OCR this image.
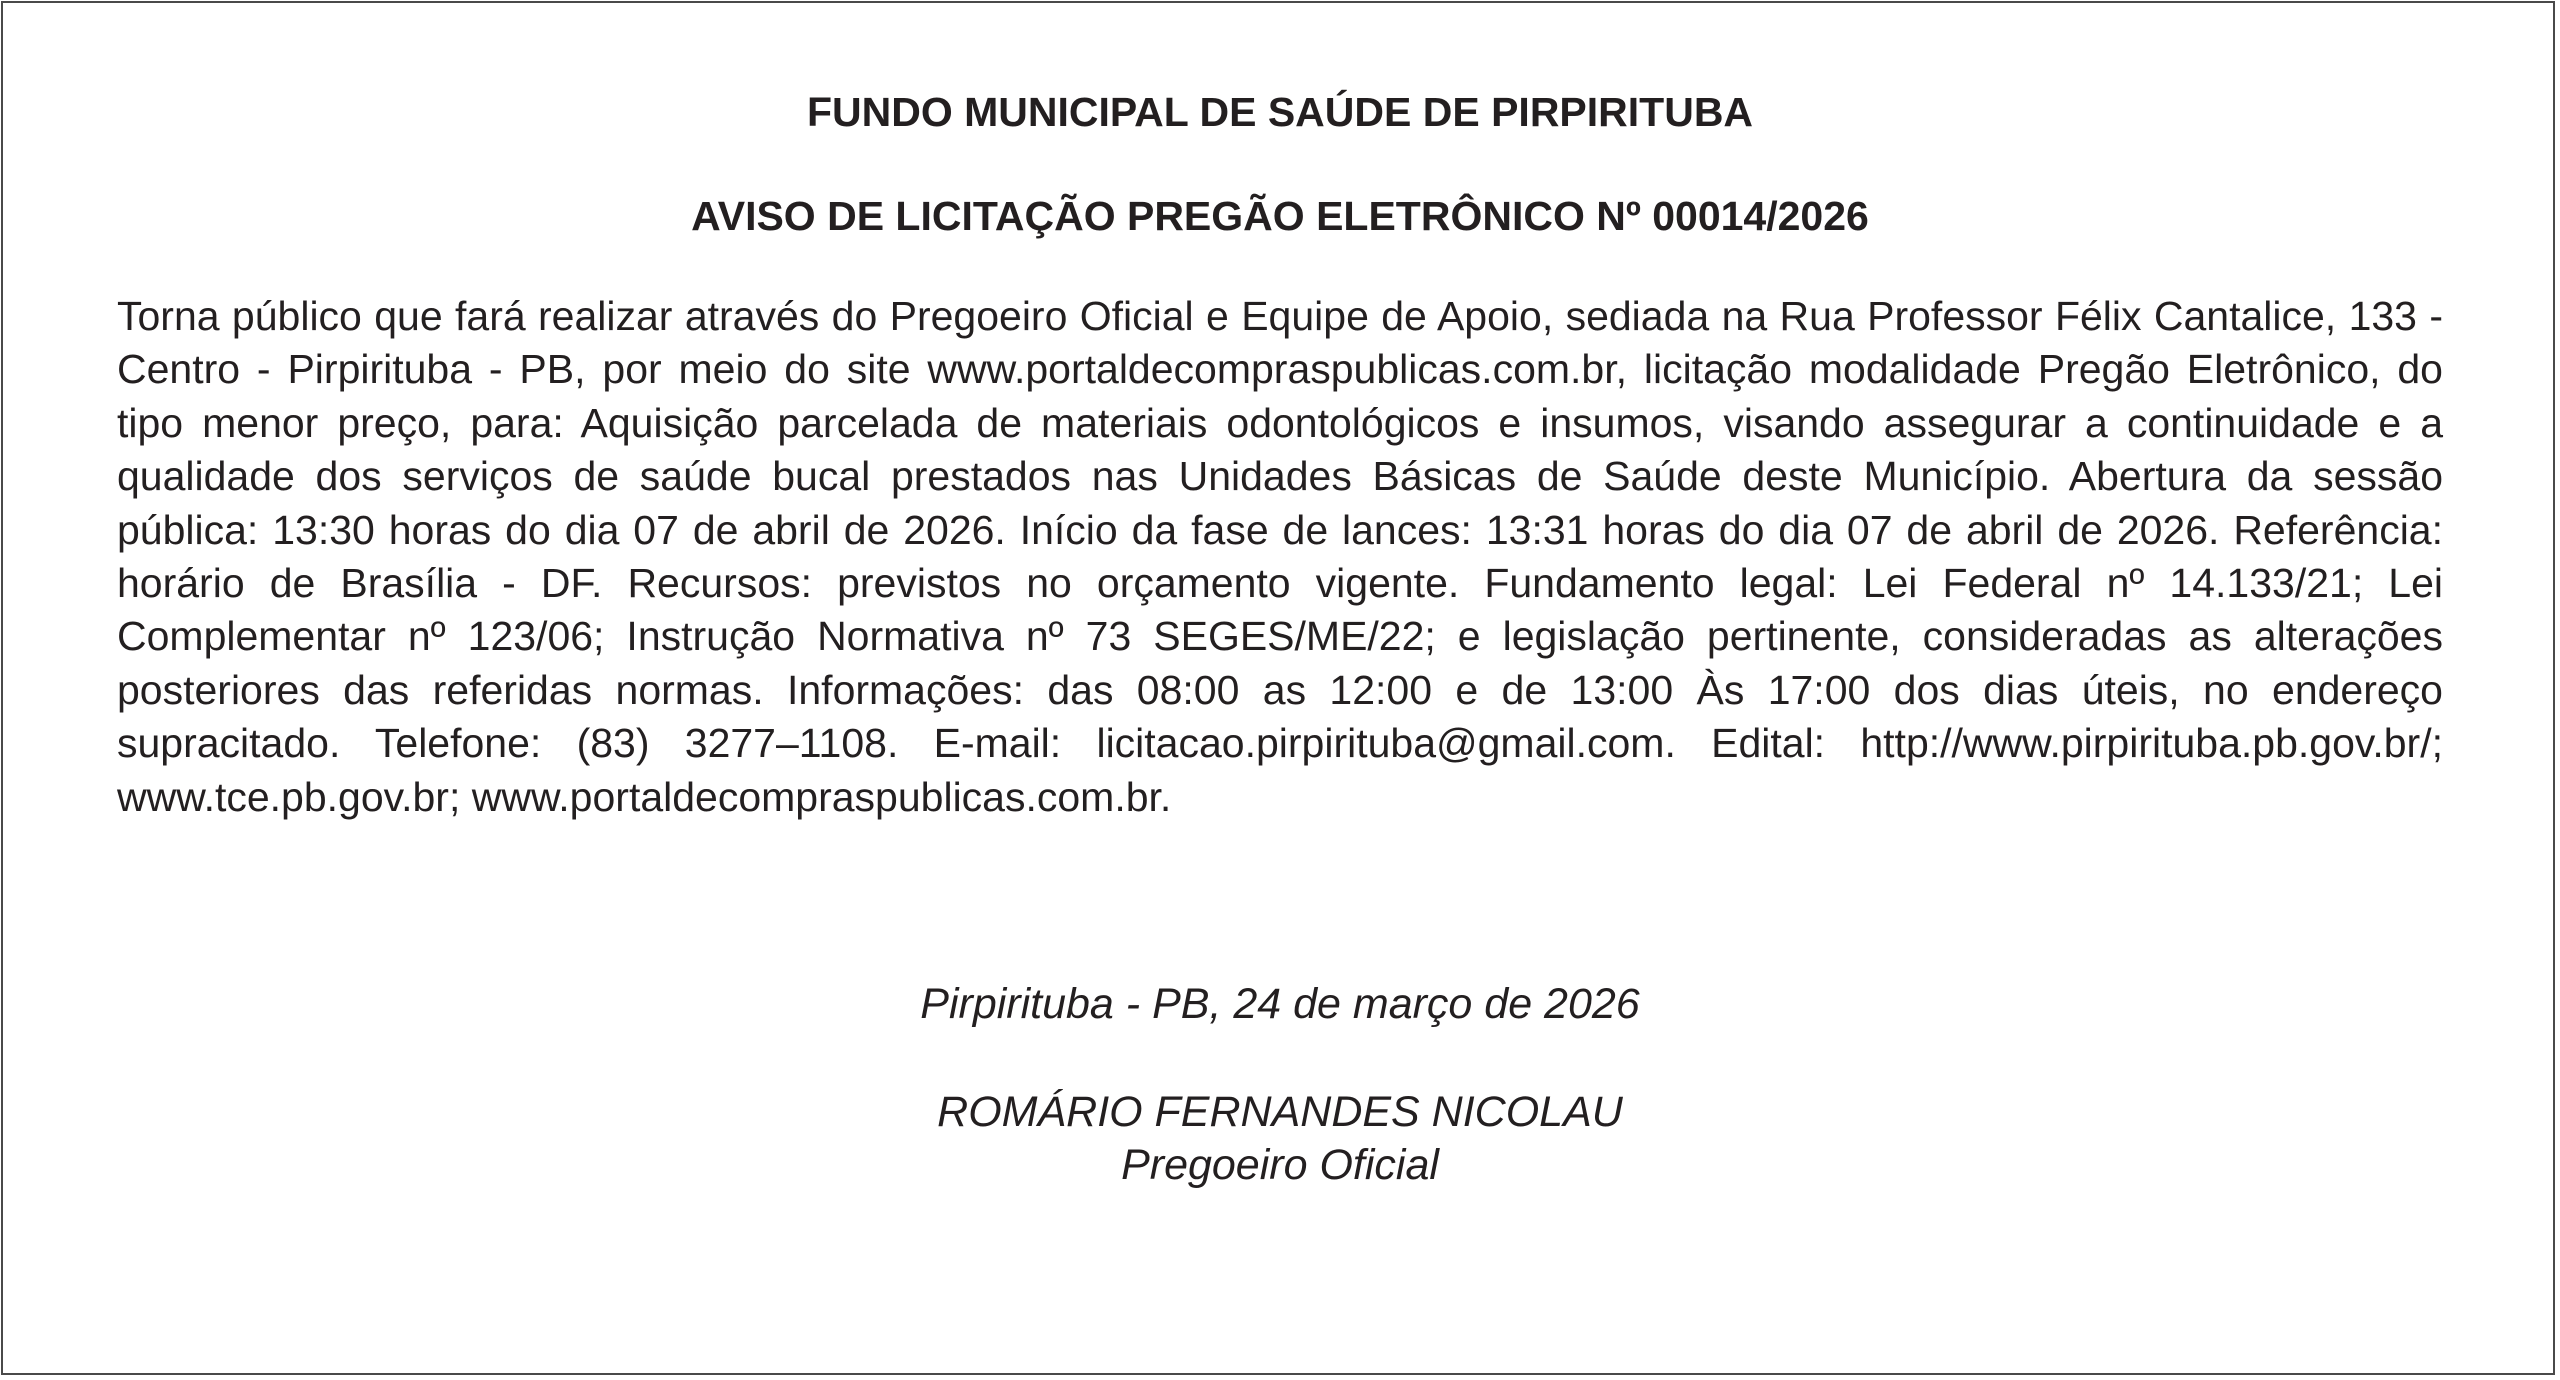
FUNDO MUNICIPAL DE SAÚDE DE PIRPIRITUBA
AVISO DE LICITAÇÃO PREGÃO ELETRÔNICO Nº 00014/2026

Torna público que fará realizar através do Pregoeiro Oficial e Equipe de Apoio, sediada na Rua Professor Félix Cantalice, 133 - Centro - Pirpirituba - PB, por meio do site www.portaldecompraspublicas.com.br, licitação modalidade Pregão Eletrônico, do tipo menor preço, para: Aquisição parcelada de materiais odontológicos e insumos, visando assegurar a continuidade e a qualidade dos serviços de saúde bucal prestados nas Unidades Básicas de Saúde deste Município. Abertura da sessão pública: 13:30 horas do dia 07 de abril de 2026. Início da fase de lances: 13:31 horas do dia 07 de abril de 2026. Referência: horário de Brasília - DF. Recursos: previstos no orçamento vigente. Fundamento legal: Lei Federal nº 14.133/21; Lei Complementar nº 123/06; Instrução Normativa nº 73 SEGES/ME/22; e legislação pertinente, consideradas as alterações posteriores das referidas normas. Informações: das 08:00 as 12:00 e de 13:00 Às 17:00 dos dias úteis, no endereço supracitado. Telefone: (83) 3277–1108. E-mail: licitacao.pirpirituba@gmail.com. Edital: http://www.pirpirituba.pb.gov.br/; www.tce.pb.gov.br; www.portaldecompraspublicas.com.br.

Pirpirituba - PB, 24 de março de 2026

ROMÁRIO FERNANDES NICOLAU

Pregoeiro Oficial
